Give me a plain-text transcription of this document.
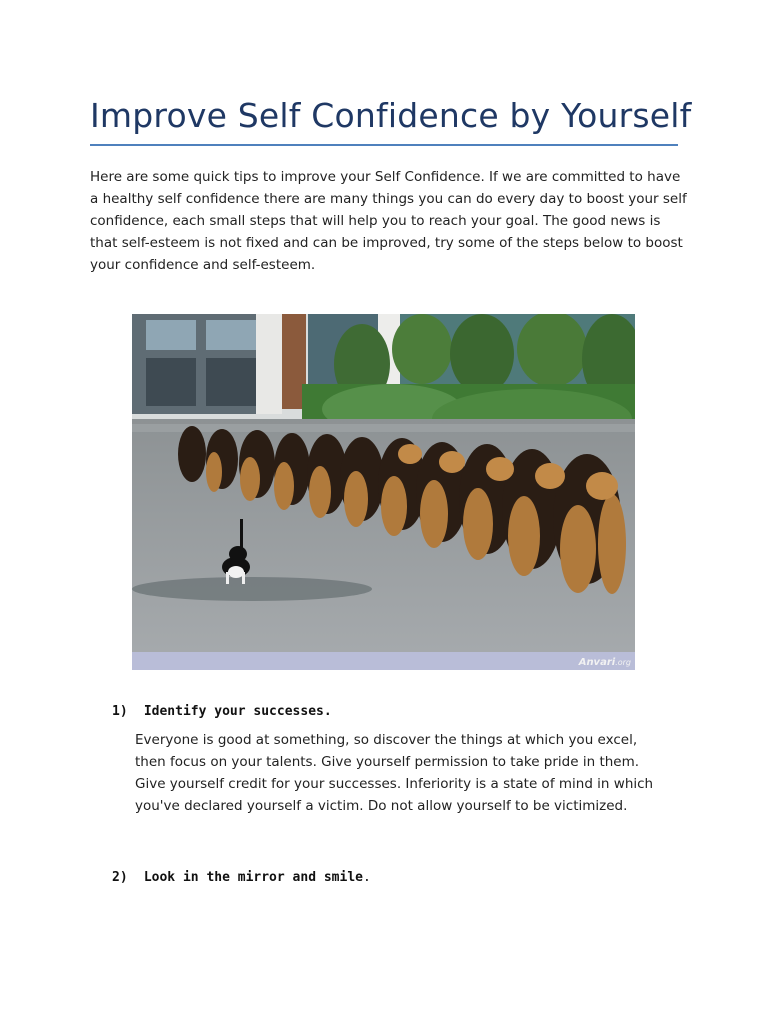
Improve Self Confidence by Yourself

Here are some quick tips to improve your Self Confidence. If we are committed to have a healthy self confidence there are many things you can do every day to boost your self confidence, each small steps that will help you to reach your goal. The good news is that self-esteem is not fixed and can be improved, try some of the steps below to boost your confidence and self-esteem.

Anvari.org
1) Identify your successes.

Everyone is good at something, so discover the things at which you excel, then focus on your talents. Give yourself permission to take pride in them. Give yourself credit for your successes. Inferiority is a state of mind in which you've declared yourself a victim. Do not allow yourself to be victimized.

2) Look in the mirror and smile.
